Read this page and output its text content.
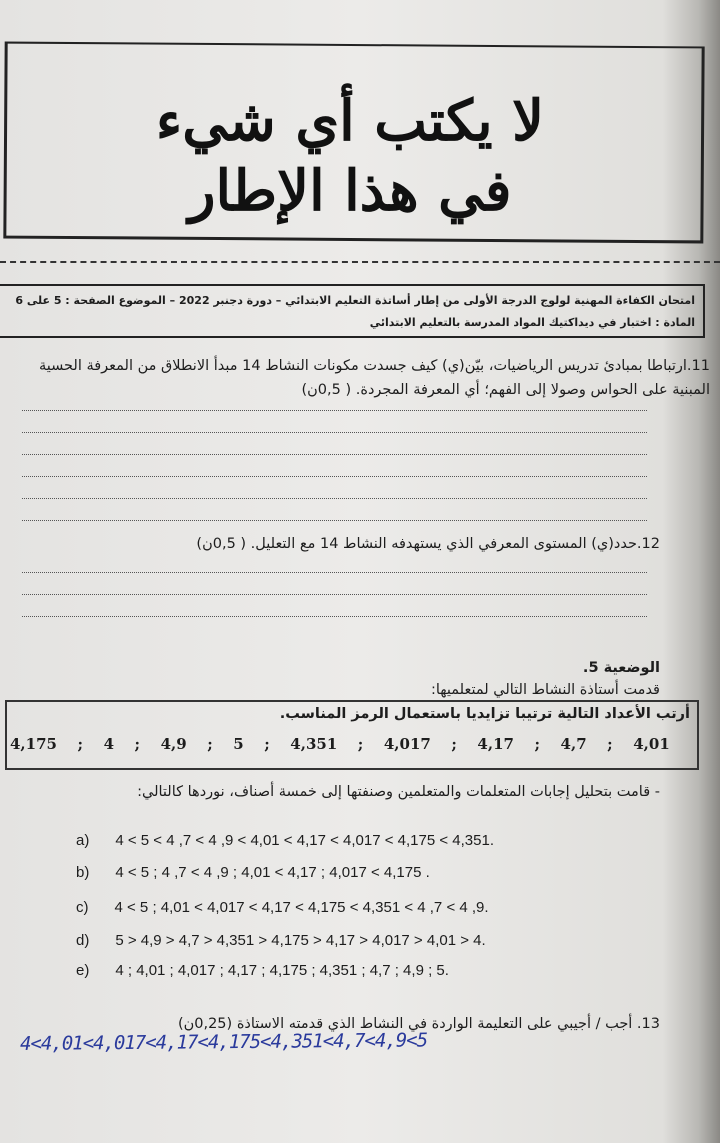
لا يكتب أي شيء
في هذا الإطار
امتحان الكفاءة المهنية لولوج الدرجة الأولى من إطار أساتذة التعليم الابتدائي – دورة دجنبر 2022 – الموضوع الصفحة : 5 على 6
المادة : اختبار في ديداكتيك المواد المدرسة بالتعليم الابتدائي
11.ارتباطا بمبادئ تدريس الرياضيات، بيّن(ي) كيف جسدت مكونات النشاط 14 مبدأ الانطلاق من المعرفة الحسية المبنية على الحواس وصولا إلى الفهم؛ أي المعرفة المجردة. ( 0,5ن)
12.حدد(ي) المستوى المعرفي الذي يستهدفه النشاط 14 مع التعليل. ( 0,5ن)
الوضعية 5.
قدمت أستاذة النشاط التالي لمتعلميها:
أرتب الأعداد التالية ترتيبا تزايديا باستعمال الرمز المناسب.
4,175 ; 4 ; 4,9 ; 5 ; 4,351 ; 4,017 ; 4,17 ; 4,7 ; 4,01
- قامت بتحليل إجابات المتعلمات والمتعلمين وصنفتها إلى خمسة أصناف، نوردها كالتالي:
a) 4 < 5 < 4 ,7 < 4 ,9 < 4,01 < 4,17 < 4,017 < 4,175 < 4,351.
b) 4 < 5 ; 4 ,7 < 4 ,9 ; 4,01 < 4,17 ; 4,017 < 4,175 .
c) 4 < 5 ; 4,01 < 4,017 < 4,17 < 4,175 < 4,351 < 4 ,7 < 4 ,9.
d) 5 > 4,9 > 4,7 > 4,351 > 4,175 > 4,17 > 4,017 > 4,01 > 4.
e) 4 ; 4,01 ; 4,017 ; 4,17 ; 4,175 ; 4,351 ; 4,7 ; 4,9 ; 5.
13. أجب / أجيبي على التعليمة الواردة في النشاط الذي قدمته الاستاذة (0,25ن)
4<4,01<4,017<4,17<4,175<4,351<4,7<4,9<5
